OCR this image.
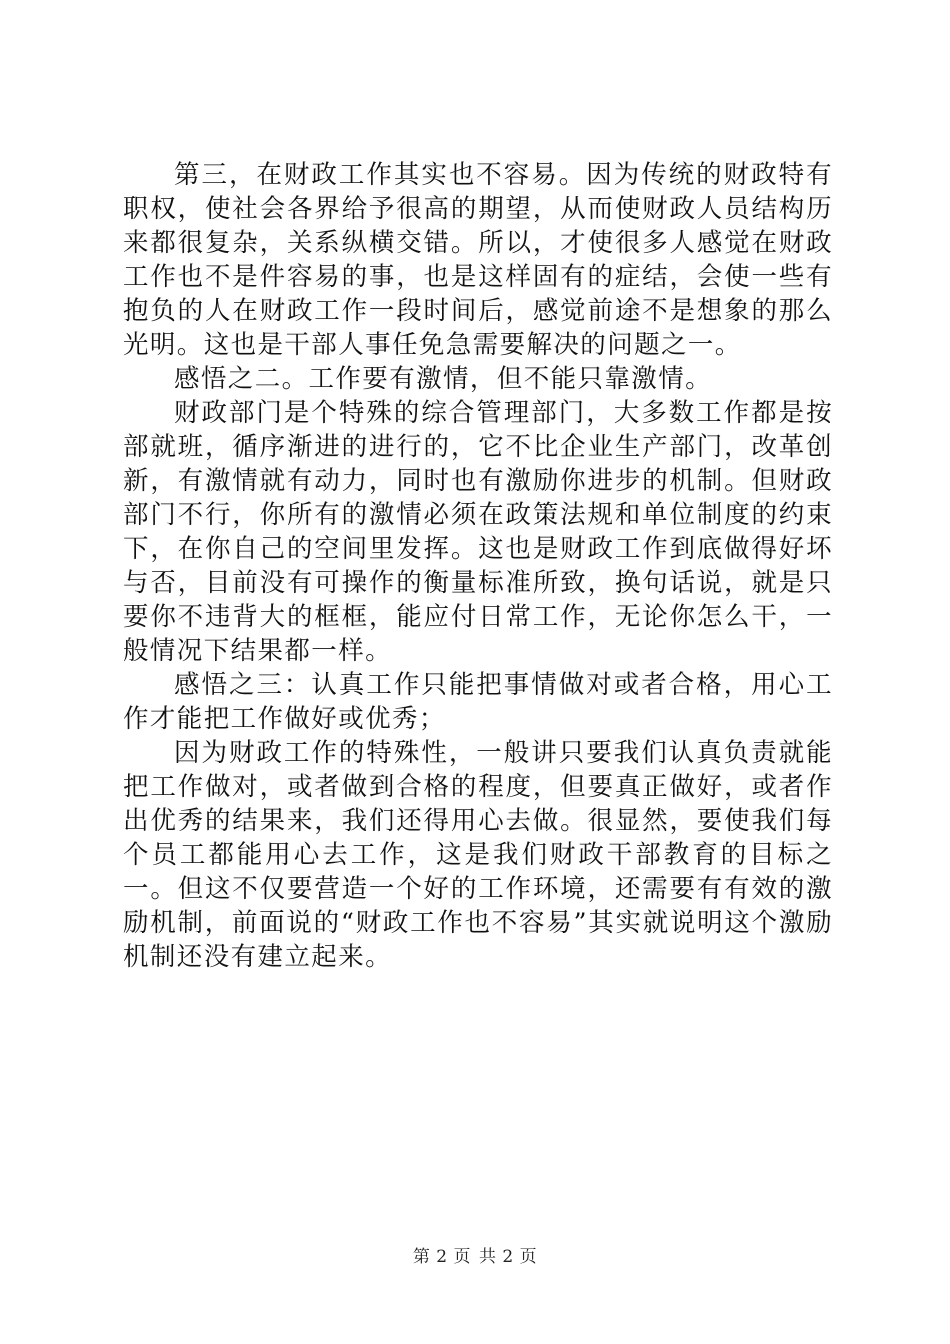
第三，在财政工作其实也不容易。因为传统的财政特有职权，使社会各界给予很高的期望，从而使财政人员结构历来都很复杂，关系纵横交错。所以，才使很多人感觉在财政工作也不是件容易的事，也是这样固有的症结，会使一些有抱负的人在财政工作一段时间后，感觉前途不是想象的那么光明。这也是干部人事任免急需要解决的问题之一。

感悟之二。工作要有激情，但不能只靠激情。

财政部门是个特殊的综合管理部门，大多数工作都是按部就班，循序渐进的进行的，它不比企业生产部门，改革创新，有激情就有动力，同时也有激励你进步的机制。但财政部门不行，你所有的激情必须在政策法规和单位制度的约束下，在你自己的空间里发挥。这也是财政工作到底做得好坏与否，目前没有可操作的衡量标准所致，换句话说，就是只要你不违背大的框框，能应付日常工作，无论你怎么干，一般情况下结果都一样。

感悟之三：认真工作只能把事情做对或者合格，用心工作才能把工作做好或优秀；

因为财政工作的特殊性，一般讲只要我们认真负责就能把工作做对，或者做到合格的程度，但要真正做好，或者作出优秀的结果来，我们还得用心去做。很显然，要使我们每个员工都能用心去工作，这是我们财政干部教育的目标之一。但这不仅要营造一个好的工作环境，还需要有有效的激励机制，前面说的“财政工作也不容易”其实就说明这个激励机制还没有建立起来。

第 2 页 共 2 页
